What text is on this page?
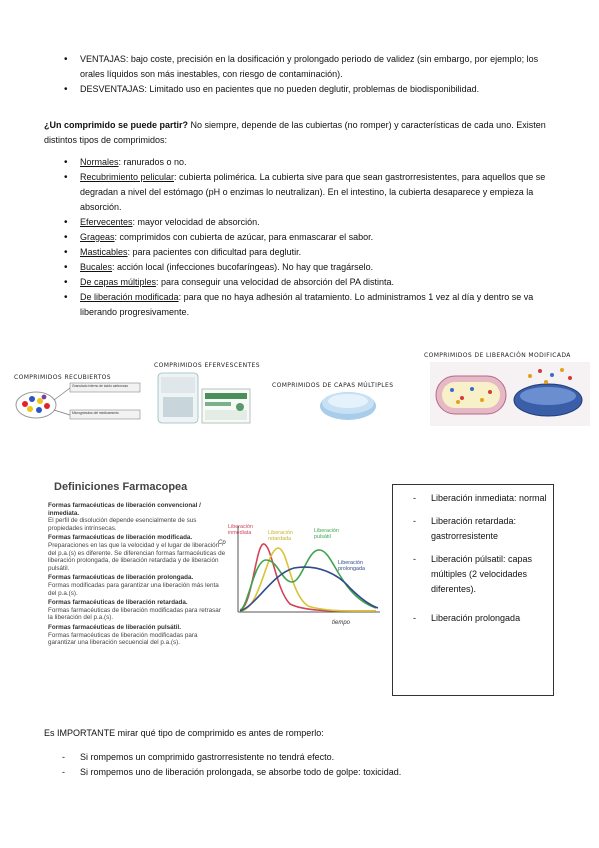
• VENTAJAS: bajo coste, precisión en la dosificación y prolongado periodo de validez (sin embargo, por ejemplo; los orales líquidos son más inestables, con riesgo de contaminación).
• DESVENTAJAS: Limitado uso en pacientes que no pueden deglutir, problemas de biodisponibilidad.
¿Un comprimido se puede partir? No siempre, depende de las cubiertas (no romper) y características de cada uno. Existen distintos tipos de comprimidos:
• Normales: ranurados o no.
• Recubrimiento pelicular: cubierta polimérica. La cubierta sive para que sean gastrorresistentes, para aquellos que se degradan a nivel del estómago (pH o enzimas lo neutralizan). En el intestino, la cubierta desaparece y empieza la absorción.
• Efervecentes: mayor velocidad de absorción.
• Grageas: comprimidos con cubierta de azúcar, para enmascarar el sabor.
• Masticables: para pacientes con dificultad para deglutir.
• Bucales: acción local (infecciones bucofaríngeas). No hay que tragárselo.
• De capas múltiples: para conseguir una velocidad de absorción del PA distinta.
• De liberación modificada: para que no haya adhesión al tratamiento. Lo administramos 1 vez al día y dentro se va liberando progresivamente.
COMPRIMIDOS RECUBIERTOS
Granulado interno de ácido carbonoso
Microgránulos del medicamento
COMPRIMIDOS EFERVESCENTES
COMPRIMIDOS DE CAPAS MÚLTIPLES
COMPRIMIDOS DE LIBERACIÓN MODIFICADA
Definiciones Farmacopea
Formas farmacéuticas de liberación convencional / inmediata.
El perfil de disolución depende esencialmente de sus propiedades intrínsecas.
Formas farmacéuticas de liberación modificada.
Preparaciones en las que la velocidad y el lugar de liberación del p.a.(s) es diferente. Se diferencian formas farmacéuticas de liberación prolongada, de liberación retardada y de liberación pulsátil.
Formas farmacéuticas de liberación prolongada.
Formas modificadas para garantizar una liberación más lenta del p.a.(s).
Formas farmacéuticas de liberación retardada.
Formas farmacéuticas de liberación modificadas para retrasar la liberación del p.a.(s).
Formas farmacéuticas de liberación pulsátil.
Formas farmacéuticas de liberación modificadas para garantizar una liberación secuencial del p.a.(s).
Cp
tiempo
Liberación inmediata	Liberación retardada
Liberación pulsátil
Liberación prolongada
- Liberación inmediata: normal
- Liberación retardada: gastrorresistente
- Liberación púlsatil: capas múltiples (2 velocidades diferentes).
- Liberación prolongada
Es IMPORTANTE mirar qué tipo de comprimido es antes de romperlo:
- Si rompemos un comprimido gastrorresistente no tendrá efecto.
- Si rompemos uno de liberación prolongada, se absorbe todo de golpe: toxicidad.
